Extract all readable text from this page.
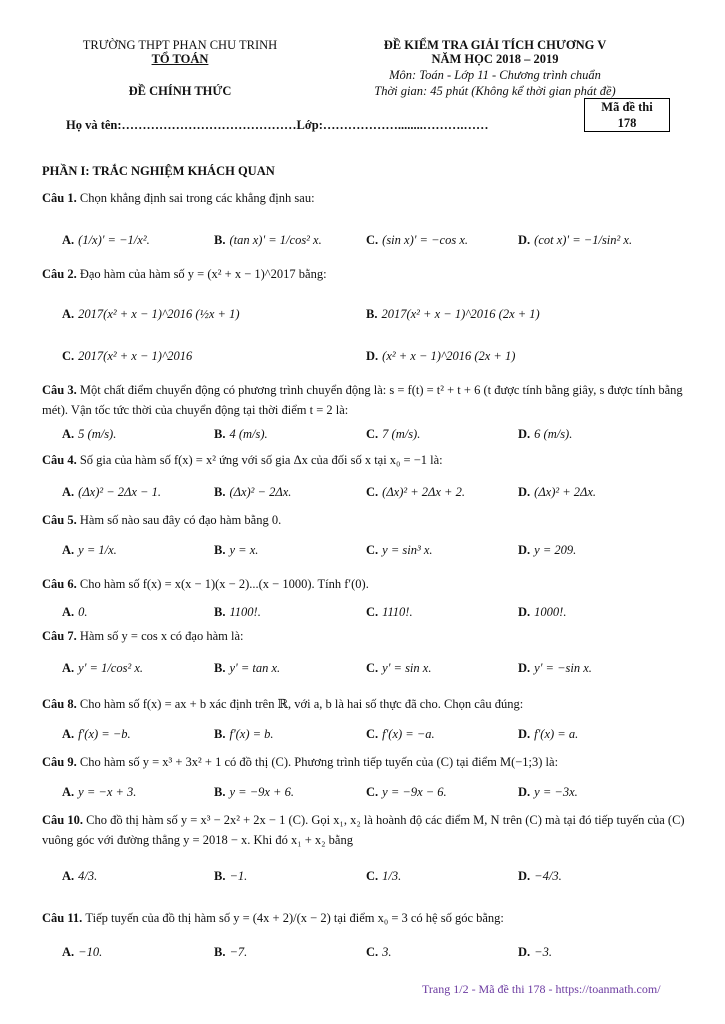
TRƯỜNG THPT PHAN CHU TRINH
TỔ TOÁN
ĐỀ CHÍNH THỨC
ĐỀ KIỂM TRA GIẢI TÍCH CHƯƠNG V
NĂM HỌC 2018 – 2019
Môn: Toán - Lớp 11 - Chương trình chuẩn
Thời gian: 45 phút (Không kể thời gian phát đề)
Mã đề thi
178
Họ và tên:……………………………………Lớp:………………........……….……
PHẦN I: TRẮC NGHIỆM KHÁCH QUAN
Câu 1. Chọn khẳng định sai trong các khẳng định sau:
A. (1/x)' = −1/x².	B. (tan x)' = 1/cos² x.	C. (sin x)' = −cos x.	D. (cot x)' = −1/sin² x.
Câu 2. Đạo hàm của hàm số y = (x² + x − 1)^2017 bằng:
A. 2017(x² + x − 1)^2016 (½x + 1)	B. 2017(x² + x − 1)^2016 (2x + 1)
C. 2017(x² + x − 1)^2016	D. (x² + x − 1)^2016 (2x + 1)
Câu 3. Một chất điểm chuyển động có phương trình chuyển động là: s = f(t) = t² + t + 6 (t được tính bằng giây, s được tính bằng mét). Vận tốc tức thời của chuyển động tại thời điểm t = 2 là:
A. 5 (m/s).	B. 4 (m/s).	C. 7 (m/s).	D. 6 (m/s).
Câu 4. Số gia của hàm số f(x) = x² ứng với số gia Δx của đối số x tại x₀ = −1 là:
A. (Δx)² − 2Δx − 1.	B. (Δx)² − 2Δx.	C. (Δx)² + 2Δx + 2.	D. (Δx)² + 2Δx.
Câu 5. Hàm số nào sau đây có đạo hàm bằng 0.
A. y = 1/x.	B. y = x.	C. y = sin³ x.	D. y = 209.
Câu 6. Cho hàm số f(x) = x(x − 1)(x − 2)...(x − 1000). Tính f′(0).
A. 0.	B. 1100!.	C. 1110!.	D. 1000!.
Câu 7. Hàm số y = cos x có đạo hàm là:
A. y' = 1/cos² x.	B. y' = tan x.	C. y' = sin x.	D. y' = −sin x.
Câu 8. Cho hàm số f(x) = ax + b xác định trên ℝ, với a, b là hai số thực đã cho. Chọn câu đúng:
A. f'(x) = −b.	B. f'(x) = b.	C. f'(x) = −a.	D. f'(x) = a.
Câu 9. Cho hàm số y = x³ + 3x² + 1 có đồ thị (C). Phương trình tiếp tuyến của (C) tại điểm M(−1;3) là:
A. y = −x + 3.	B. y = −9x + 6.	C. y = −9x − 6.	D. y = −3x.
Câu 10. Cho đồ thị hàm số y = x³ − 2x² + 2x − 1 (C). Gọi x₁, x₂ là hoành độ các điểm M, N trên (C) mà tại đó tiếp tuyến của (C) vuông góc với đường thẳng y = 2018 − x. Khi đó x₁ + x₂ bằng
A. 4/3.	B. −1.	C. 1/3.	D. −4/3.
Câu 11. Tiếp tuyến của đồ thị hàm số y = (4x + 2)/(x − 2) tại điểm x₀ = 3 có hệ số góc bằng:
A. −10.	B. −7.	C. 3.	D. −3.
Trang 1/2 - Mã đề thi 178 - https://toanmath.com/
